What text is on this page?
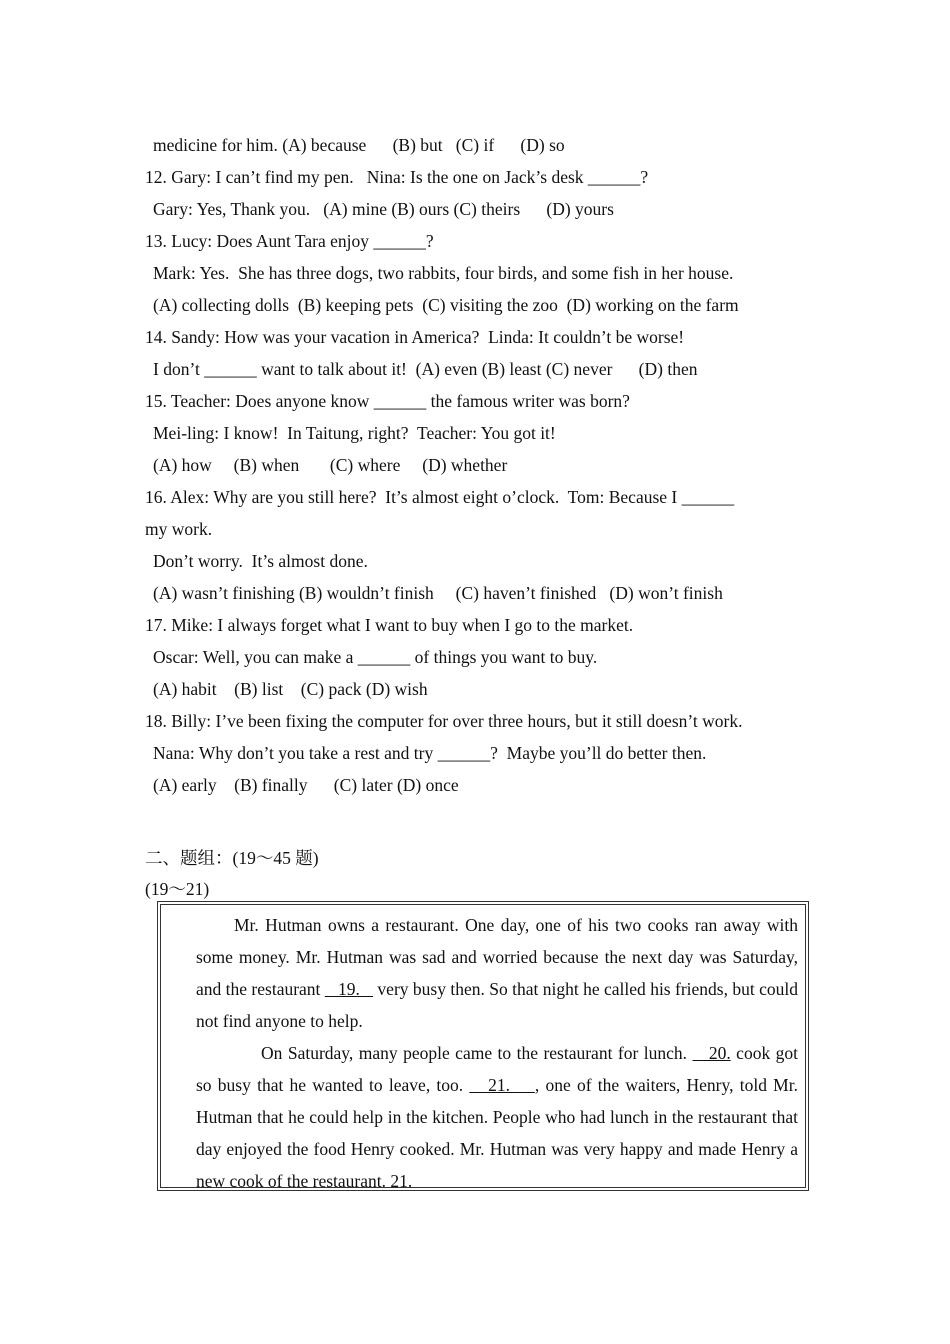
medicine for him. (A) because      (B) but   (C) if      (D) so
12. Gary: I can’t find my pen.   Nina: Is the one on Jack’s desk ______?
Gary: Yes, Thank you.   (A) mine (B) ours (C) theirs      (D) yours
13. Lucy: Does Aunt Tara enjoy ______?
Mark: Yes.  She has three dogs, two rabbits, four birds, and some fish in her house.
(A) collecting dolls  (B) keeping pets  (C) visiting the zoo  (D) working on the farm
14. Sandy: How was your vacation in America?  Linda: It couldn’t be worse!
I don’t ______ want to talk about it!  (A) even (B) least (C) never      (D) then
15. Teacher: Does anyone know ______ the famous writer was born?
Mei-ling: I know!  In Taitung, right?  Teacher: You got it!
(A) how     (B) when       (C) where     (D) whether
16. Alex: Why are you still here?  It’s almost eight o’clock.  Tom: Because I ______
my work.
Don’t worry.  It’s almost done.
(A) wasn’t finishing (B) wouldn’t finish     (C) haven’t finished   (D) won’t finish
17. Mike: I always forget what I want to buy when I go to the market.
Oscar: Well, you can make a ______ of things you want to buy.
(A) habit    (B) list    (C) pack (D) wish
18. Billy: I’ve been fixing the computer for over three hours, but it still doesn’t work.
Nana: Why don’t you take a rest and try ______?  Maybe you’ll do better then.
(A) early    (B) finally      (C) later (D) once
二、题组：(19～45 题)
(19～21)
Mr. Hutman owns a restaurant. One day, one of his two cooks ran away with some money. Mr. Hutman was sad and worried because the next day was Saturday, and the restaurant    19.    very busy then. So that night he called his friends, but could not find anyone to help.
On Saturday, many people came to the restaurant for lunch.    20. cook got so busy that he wanted to leave, too.    21.    , one of the waiters, Henry, told Mr. Hutman that he could help in the kitchen. People who had lunch in the restaurant that day enjoyed the food Henry cooked. Mr. Hutman was very happy and made Henry a new cook of the restaurant. 21.
